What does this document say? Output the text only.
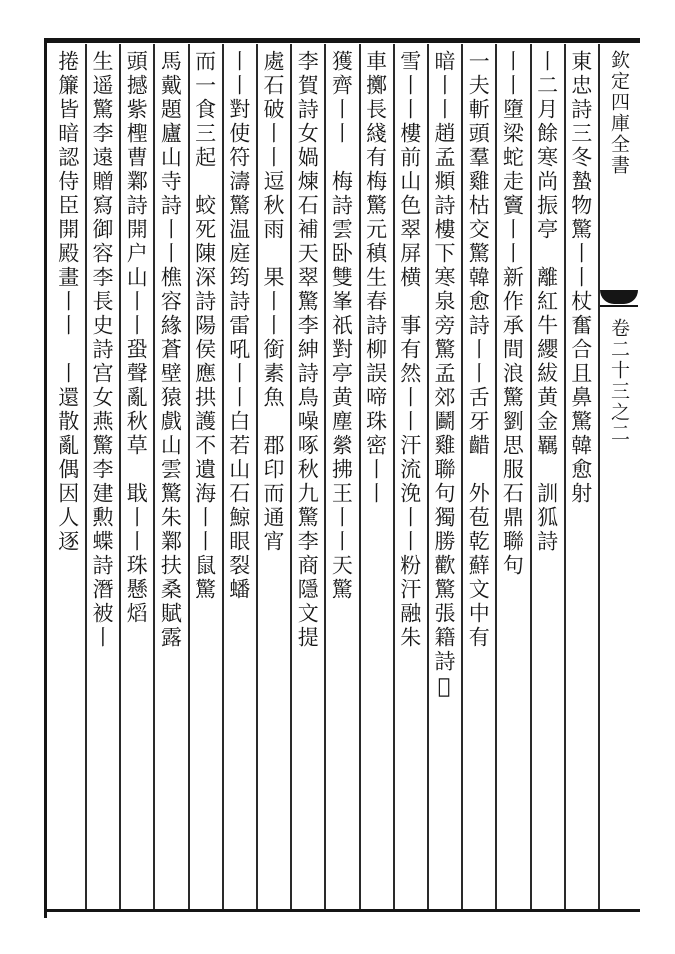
欽定四庫全書
卷二十三之二
東忠詩三冬蟄物驚丨丨杖奮合且鼻驚韓愈射
丨二月餘寒尚振亭　離紅牛纓紱黄金羈　訓狐詩
丨丨墮梁蛇走竇丨丨新作承間浪驚劉思服石鼎聯句
一夫斬頭羣雞枯交驚韓愈詩丨丨舌牙齰　外苞乾蘚文中有
暗丨丨趙孟頫詩樓下寒泉旁驚孟郊鬬雞聯句獨勝歡驚張籍詩𦤺
雪丨丨樓前山色翠屏横　事有然丨丨汗流浼丨丨粉汗融朱
車擲長綫有梅驚元稹生春詩柳誤啼珠密丨丨
獲齊丨丨　梅詩雲卧雙峯祇對亭黄塵縈拂王丨丨天驚
李賀詩女媧煉石補天翠驚李紳詩鳥噪啄秋九驚李商隱文提
處石破丨丨逗秋雨　果丨丨銜素魚　郡印而通宵
丨丨對使符濤驚温庭筠詩雷吼丨丨白若山石鯨眼裂蟠
而一食三起　蛟死陳深詩陽侯應拱護不遺海丨丨鼠驚
馬戴題廬山寺詩丨丨樵容緣蒼壁猿戲山雲驚朱鄴扶桑賦露
頭撼紫檉曹鄴詩開户山丨丨蛩聲亂秋草　戢丨丨珠懸熖
生遥驚李遠贈寫御容李長史詩宫女燕驚李建勲蝶詩潛被丨
捲簾皆暗認侍臣開殿畫丨丨　丨還散亂偶因人逐
